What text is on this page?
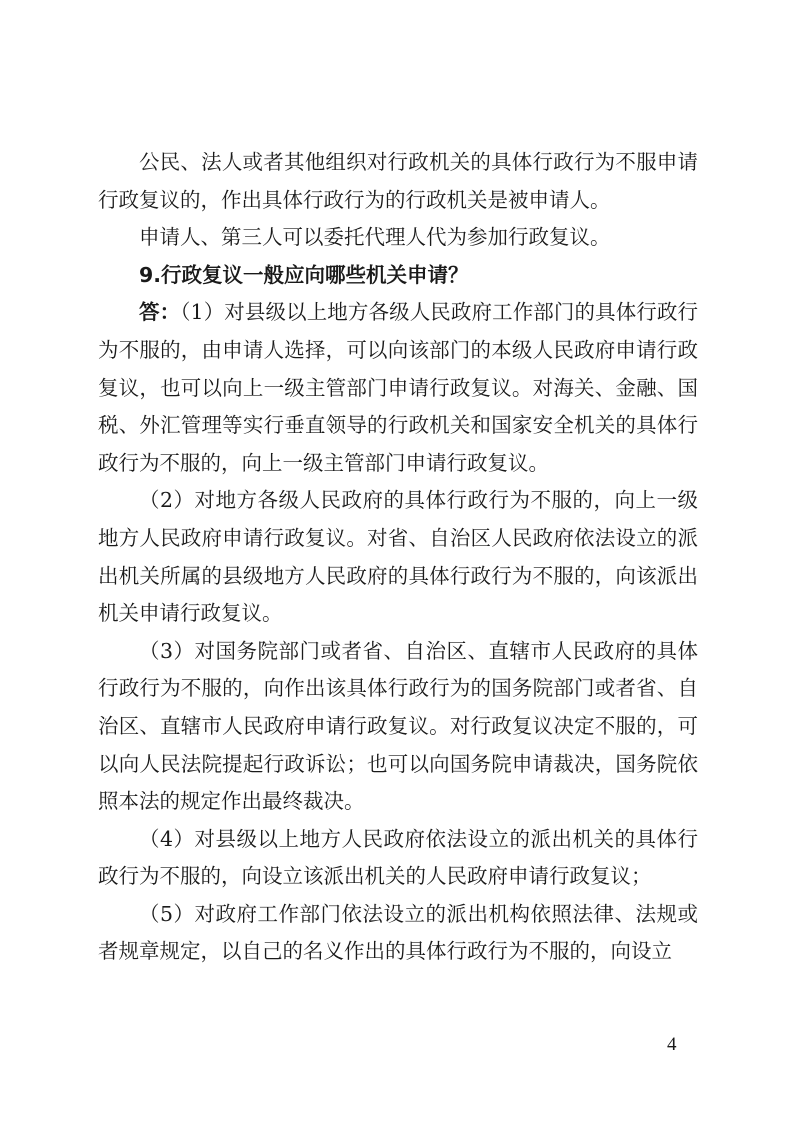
公民、法人或者其他组织对行政机关的具体行政行为不服申请行政复议的，作出具体行政行为的行政机关是被申请人。

申请人、第三人可以委托代理人代为参加行政复议。

9.行政复议一般应向哪些机关申请？

答：（1）对县级以上地方各级人民政府工作部门的具体行政行为不服的，由申请人选择，可以向该部门的本级人民政府申请行政复议，也可以向上一级主管部门申请行政复议。对海关、金融、国税、外汇管理等实行垂直领导的行政机关和国家安全机关的具体行政行为不服的，向上一级主管部门申请行政复议。

（2）对地方各级人民政府的具体行政行为不服的，向上一级地方人民政府申请行政复议。对省、自治区人民政府依法设立的派出机关所属的县级地方人民政府的具体行政行为不服的，向该派出机关申请行政复议。

（3）对国务院部门或者省、自治区、直辖市人民政府的具体行政行为不服的，向作出该具体行政行为的国务院部门或者省、自治区、直辖市人民政府申请行政复议。对行政复议决定不服的，可以向人民法院提起行政诉讼；也可以向国务院申请裁决，国务院依照本法的规定作出最终裁决。

（4）对县级以上地方人民政府依法设立的派出机关的具体行政行为不服的，向设立该派出机关的人民政府申请行政复议；

（5）对政府工作部门依法设立的派出机构依照法律、法规或者规章规定，以自己的名义作出的具体行政行为不服的，向设立

4
